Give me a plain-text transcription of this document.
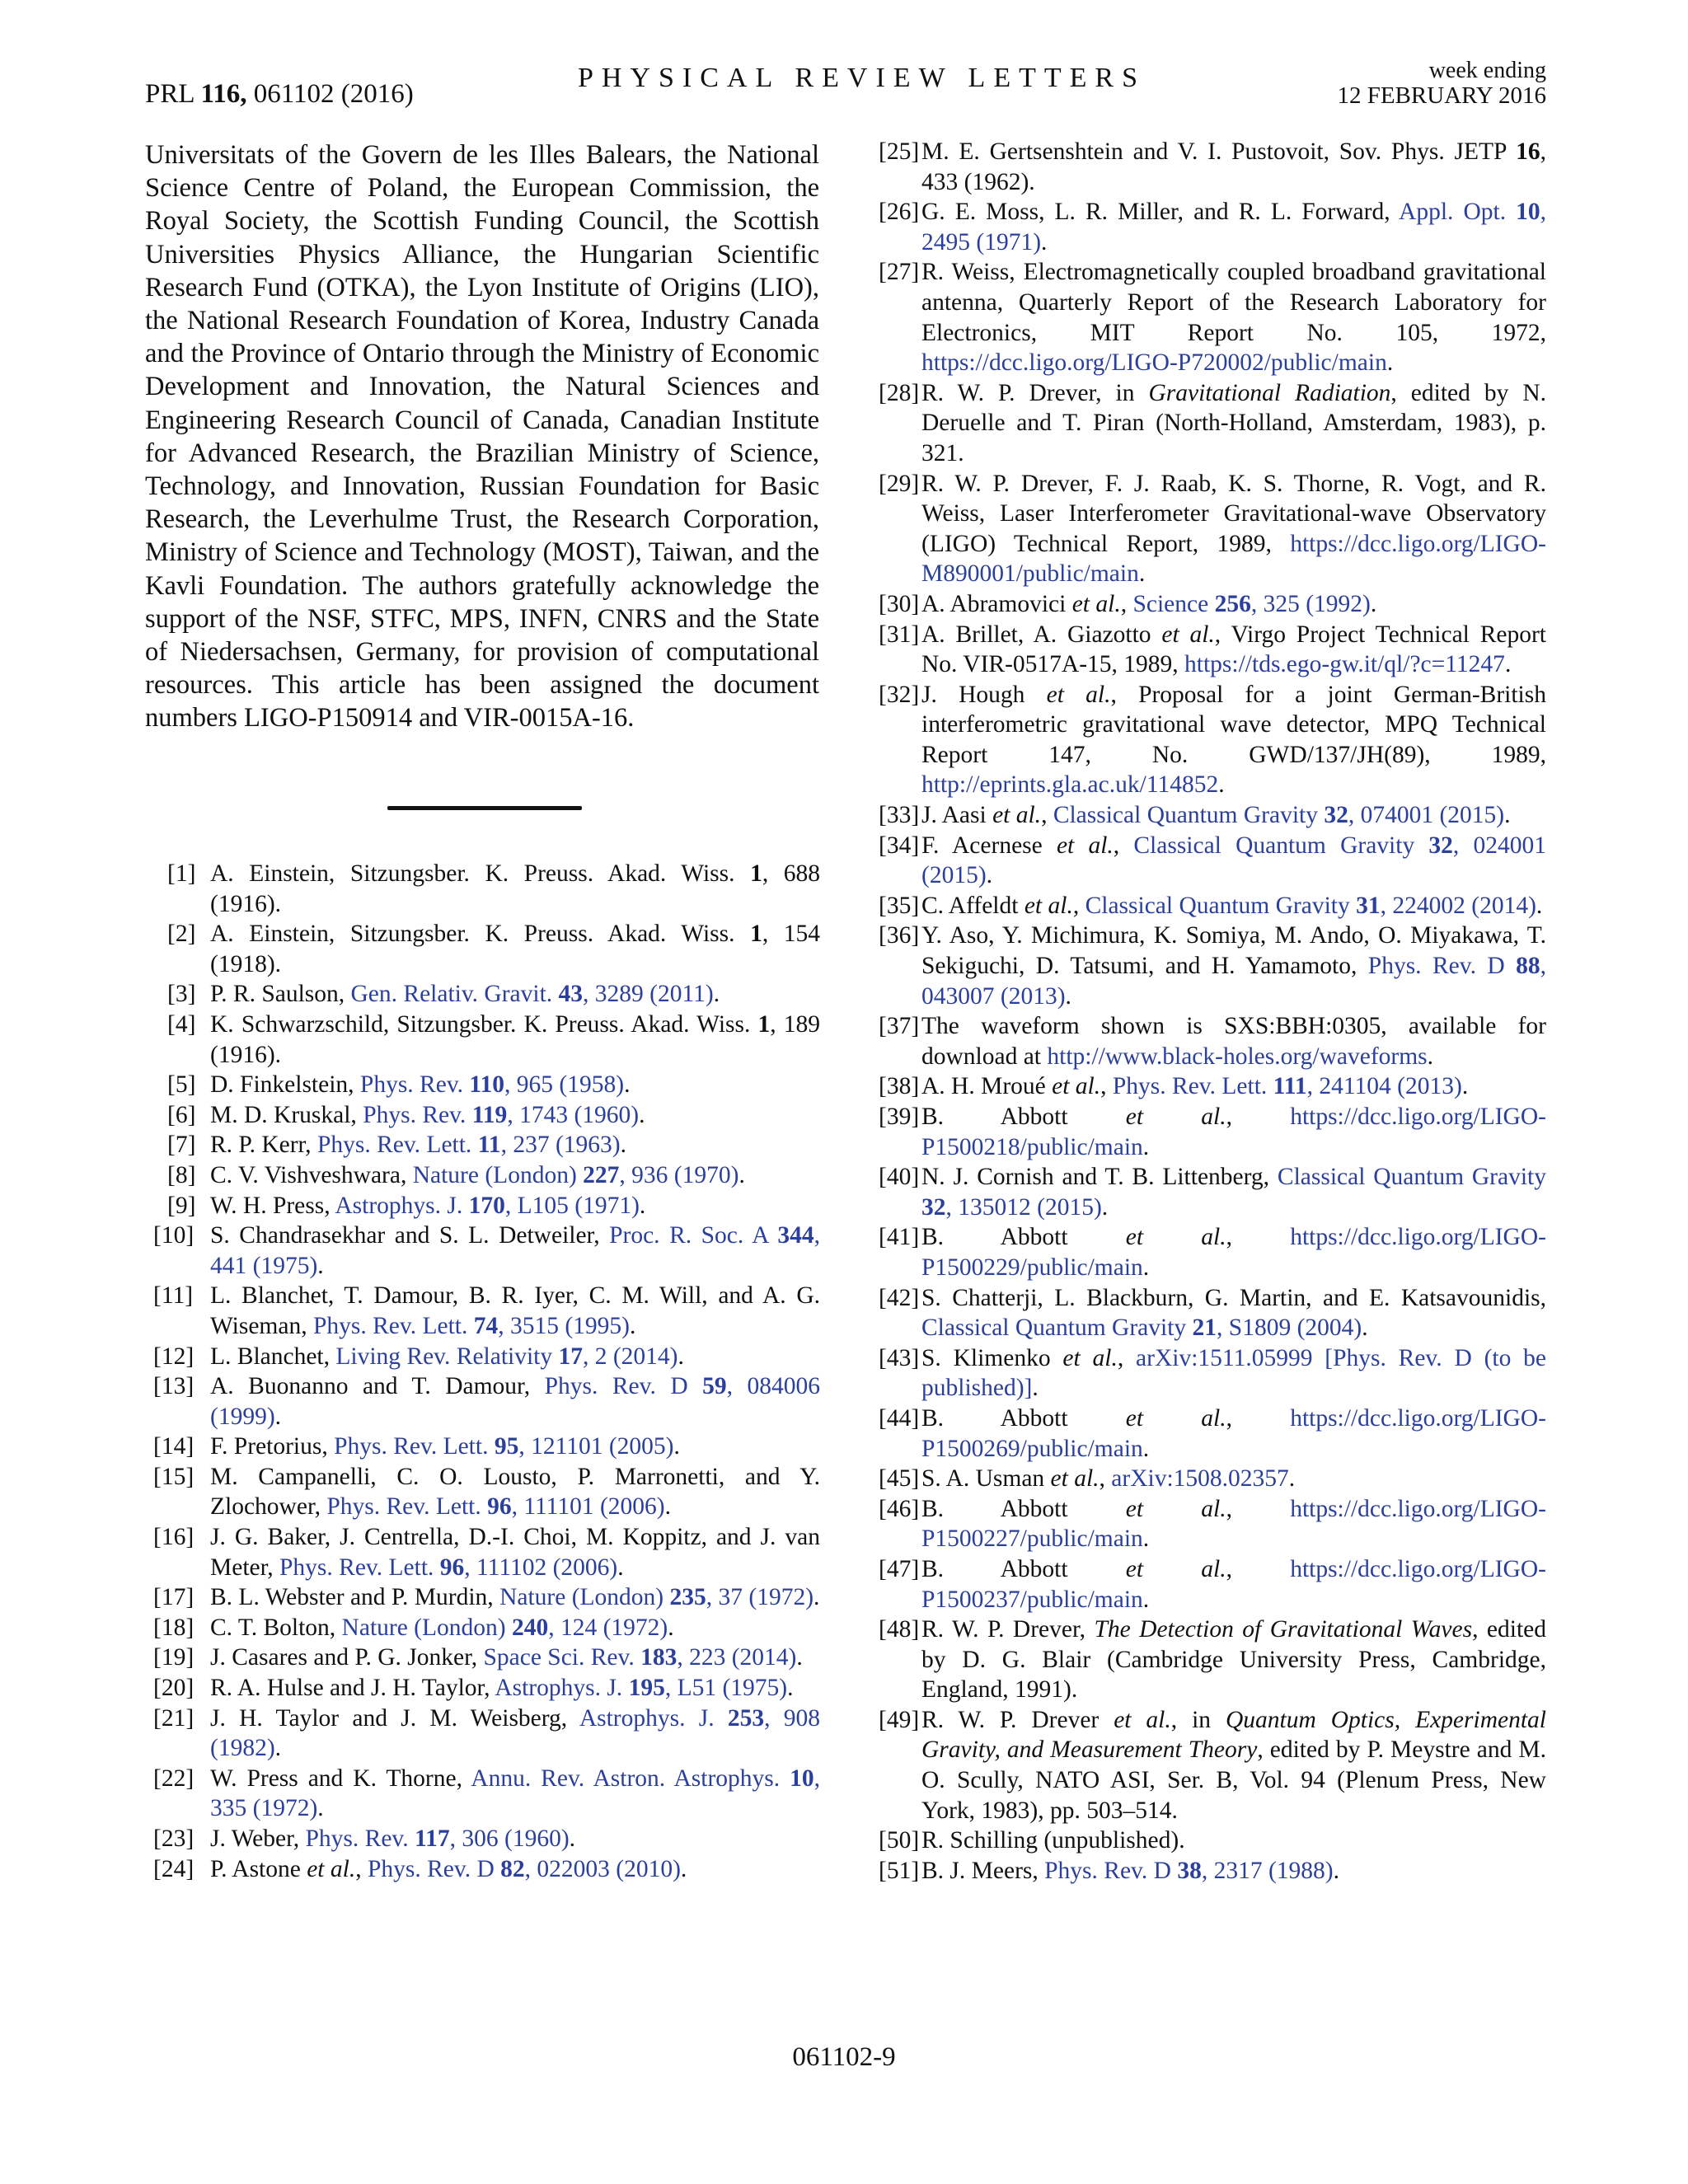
PRL 116, 061102 (2016)
PHYSICAL REVIEW LETTERS	week ending
12 FEBRUARY 2016
Universitats of the Govern de les Illes Balears, the National Science Centre of Poland, the European Commission, the Royal Society, the Scottish Funding Council, the Scottish Universities Physics Alliance, the Hungarian Scientific Research Fund (OTKA), the Lyon Institute of Origins (LIO), the National Research Foundation of Korea, Industry Canada and the Province of Ontario through the Ministry of Economic Development and Innovation, the Natural Sciences and Engineering Research Council of Canada, Canadian Institute for Advanced Research, the Brazilian Ministry of Science, Technology, and Innovation, Russian Foundation for Basic Research, the Leverhulme Trust, the Research Corporation, Ministry of Science and Technology (MOST), Taiwan, and the Kavli Foundation. The authors gratefully acknowledge the support of the NSF, STFC, MPS, INFN, CNRS and the State of Niedersachsen, Germany, for provision of computational resources. This article has been assigned the document numbers LIGO-P150914 and VIR-0015A-16.
[1] A. Einstein, Sitzungsber. K. Preuss. Akad. Wiss. 1, 688 (1916).
[2] A. Einstein, Sitzungsber. K. Preuss. Akad. Wiss. 1, 154 (1918).
[3] P. R. Saulson, Gen. Relativ. Gravit. 43, 3289 (2011).
[4] K. Schwarzschild, Sitzungsber. K. Preuss. Akad. Wiss. 1, 189 (1916).
[5] D. Finkelstein, Phys. Rev. 110, 965 (1958).
[6] M. D. Kruskal, Phys. Rev. 119, 1743 (1960).
[7] R. P. Kerr, Phys. Rev. Lett. 11, 237 (1963).
[8] C. V. Vishveshwara, Nature (London) 227, 936 (1970).
[9] W. H. Press, Astrophys. J. 170, L105 (1971).
[10] S. Chandrasekhar and S. L. Detweiler, Proc. R. Soc. A 344, 441 (1975).
[11] L. Blanchet, T. Damour, B. R. Iyer, C. M. Will, and A. G. Wiseman, Phys. Rev. Lett. 74, 3515 (1995).
[12] L. Blanchet, Living Rev. Relativity 17, 2 (2014).
[13] A. Buonanno and T. Damour, Phys. Rev. D 59, 084006 (1999).
[14] F. Pretorius, Phys. Rev. Lett. 95, 121101 (2005).
[15] M. Campanelli, C. O. Lousto, P. Marronetti, and Y. Zlochower, Phys. Rev. Lett. 96, 111101 (2006).
[16] J. G. Baker, J. Centrella, D.-I. Choi, M. Koppitz, and J. van Meter, Phys. Rev. Lett. 96, 111102 (2006).
[17] B. L. Webster and P. Murdin, Nature (London) 235, 37 (1972).
[18] C. T. Bolton, Nature (London) 240, 124 (1972).
[19] J. Casares and P. G. Jonker, Space Sci. Rev. 183, 223 (2014).
[20] R. A. Hulse and J. H. Taylor, Astrophys. J. 195, L51 (1975).
[21] J. H. Taylor and J. M. Weisberg, Astrophys. J. 253, 908 (1982).
[22] W. Press and K. Thorne, Annu. Rev. Astron. Astrophys. 10, 335 (1972).
[23] J. Weber, Phys. Rev. 117, 306 (1960).
[24] P. Astone et al., Phys. Rev. D 82, 022003 (2010).
[25] M. E. Gertsenshtein and V. I. Pustovoit, Sov. Phys. JETP 16, 433 (1962).
[26] G. E. Moss, L. R. Miller, and R. L. Forward, Appl. Opt. 10, 2495 (1971).
[27] R. Weiss, Electromagnetically coupled broadband gravitational antenna, Quarterly Report of the Research Laboratory for Electronics, MIT Report No. 105, 1972, https://dcc.ligo.org/LIGO-P720002/public/main.
[28] R. W. P. Drever, in Gravitational Radiation, edited by N. Deruelle and T. Piran (North-Holland, Amsterdam, 1983), p. 321.
[29] R. W. P. Drever, F. J. Raab, K. S. Thorne, R. Vogt, and R. Weiss, Laser Interferometer Gravitational-wave Observatory (LIGO) Technical Report, 1989, https://dcc.ligo.org/LIGO-M890001/public/main.
[30] A. Abramovici et al., Science 256, 325 (1992).
[31] A. Brillet, A. Giazotto et al., Virgo Project Technical Report No. VIR-0517A-15, 1989, https://tds.ego-gw.it/ql/?c=11247.
[32] J. Hough et al., Proposal for a joint German-British interferometric gravitational wave detector, MPQ Technical Report 147, No. GWD/137/JH(89), 1989, http://eprints.gla.ac.uk/114852.
[33] J. Aasi et al., Classical Quantum Gravity 32, 074001 (2015).
[34] F. Acernese et al., Classical Quantum Gravity 32, 024001 (2015).
[35] C. Affeldt et al., Classical Quantum Gravity 31, 224002 (2014).
[36] Y. Aso, Y. Michimura, K. Somiya, M. Ando, O. Miyakawa, T. Sekiguchi, D. Tatsumi, and H. Yamamoto, Phys. Rev. D 88, 043007 (2013).
[37] The waveform shown is SXS:BBH:0305, available for download at http://www.black-holes.org/waveforms.
[38] A. H. Mroué et al., Phys. Rev. Lett. 111, 241104 (2013).
[39] B. Abbott et al., https://dcc.ligo.org/LIGO-P1500218/public/main.
[40] N. J. Cornish and T. B. Littenberg, Classical Quantum Gravity 32, 135012 (2015).
[41] B. Abbott et al., https://dcc.ligo.org/LIGO-P1500229/public/main.
[42] S. Chatterji, L. Blackburn, G. Martin, and E. Katsavounidis, Classical Quantum Gravity 21, S1809 (2004).
[43] S. Klimenko et al., arXiv:1511.05999 [Phys. Rev. D (to be published)].
[44] B. Abbott et al., https://dcc.ligo.org/LIGO-P1500269/public/main.
[45] S. A. Usman et al., arXiv:1508.02357.
[46] B. Abbott et al., https://dcc.ligo.org/LIGO-P1500227/public/main.
[47] B. Abbott et al., https://dcc.ligo.org/LIGO-P1500237/public/main.
[48] R. W. P. Drever, The Detection of Gravitational Waves, edited by D. G. Blair (Cambridge University Press, Cambridge, England, 1991).
[49] R. W. P. Drever et al., in Quantum Optics, Experimental Gravity, and Measurement Theory, edited by P. Meystre and M. O. Scully, NATO ASI, Ser. B, Vol. 94 (Plenum Press, New York, 1983), pp. 503–514.
[50] R. Schilling (unpublished).
[51] B. J. Meers, Phys. Rev. D 38, 2317 (1988).
061102-9
